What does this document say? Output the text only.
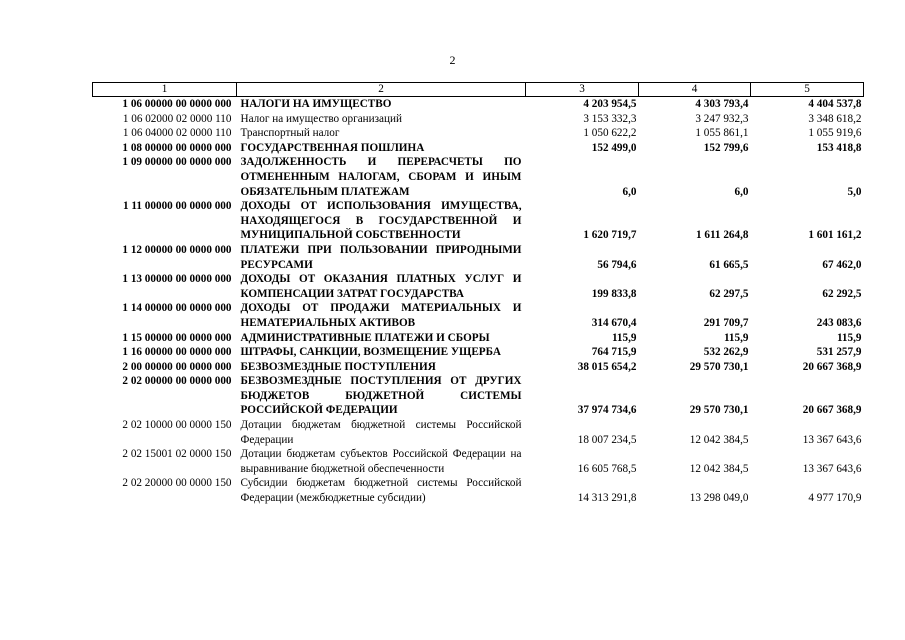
2
1	2	3	4	5
1 06 00000 00 0000 000	НАЛОГИ НА ИМУЩЕСТВО	4 203 954,5	4 303 793,4	4 404 537,8
1 06 02000 02 0000 110	Налог на имущество организаций	3 153 332,3	3 247 932,3	3 348 618,2
1 06 04000 02 0000 110	Транспортный налог	1 050 622,2	1 055 861,1	1 055 919,6
1 08 00000 00 0000 000	ГОСУДАРСТВЕННАЯ ПОШЛИНА	152 499,0	152 799,6	153 418,8
1 09 00000 00 0000 000	ЗАДОЛЖЕННОСТЬ И ПЕРЕРАСЧЕТЫ ПО ОТМЕНЕННЫМ НАЛОГАМ, СБОРАМ И ИНЫМ ОБЯЗАТЕЛЬНЫМ ПЛАТЕЖАМ	6,0	6,0	5,0
1 11 00000 00 0000 000	ДОХОДЫ ОТ ИСПОЛЬЗОВАНИЯ ИМУЩЕСТВА, НАХОДЯЩЕГОСЯ В ГОСУДАРСТВЕННОЙ И МУНИЦИПАЛЬНОЙ СОБСТВЕННОСТИ	1 620 719,7	1 611 264,8	1 601 161,2
1 12 00000 00 0000 000	ПЛАТЕЖИ ПРИ ПОЛЬЗОВАНИИ ПРИРОДНЫМИ РЕСУРСАМИ	56 794,6	61 665,5	67 462,0
1 13 00000 00 0000 000	ДОХОДЫ ОТ ОКАЗАНИЯ ПЛАТНЫХ УСЛУГ И КОМПЕНСАЦИИ ЗАТРАТ ГОСУДАРСТВА	199 833,8	62 297,5	62 292,5
1 14 00000 00 0000 000	ДОХОДЫ ОТ ПРОДАЖИ МАТЕРИАЛЬНЫХ И НЕМАТЕРИАЛЬНЫХ АКТИВОВ	314 670,4	291 709,7	243 083,6
1 15 00000 00 0000 000	АДМИНИСТРАТИВНЫЕ ПЛАТЕЖИ И СБОРЫ	115,9	115,9	115,9
1 16 00000 00 0000 000	ШТРАФЫ, САНКЦИИ, ВОЗМЕЩЕНИЕ УЩЕРБА	764 715,9	532 262,9	531 257,9
2 00 00000 00 0000 000	БЕЗВОЗМЕЗДНЫЕ ПОСТУПЛЕНИЯ	38 015 654,2	29 570 730,1	20 667 368,9
2 02 00000 00 0000 000	БЕЗВОЗМЕЗДНЫЕ ПОСТУПЛЕНИЯ ОТ ДРУГИХ БЮДЖЕТОВ БЮДЖЕТНОЙ СИСТЕМЫ РОССИЙСКОЙ ФЕДЕРАЦИИ	37 974 734,6	29 570 730,1	20 667 368,9
2 02 10000 00 0000 150	Дотации бюджетам бюджетной системы Российской Федерации	18 007 234,5	12 042 384,5	13 367 643,6
2 02 15001 02 0000 150	Дотации бюджетам субъектов Российской Федерации на выравнивание бюджетной обеспеченности	16 605 768,5	12 042 384,5	13 367 643,6
2 02 20000 00 0000 150	Субсидии бюджетам бюджетной системы Российской Федерации (межбюджетные субсидии)	14 313 291,8	13 298 049,0	4 977 170,9
